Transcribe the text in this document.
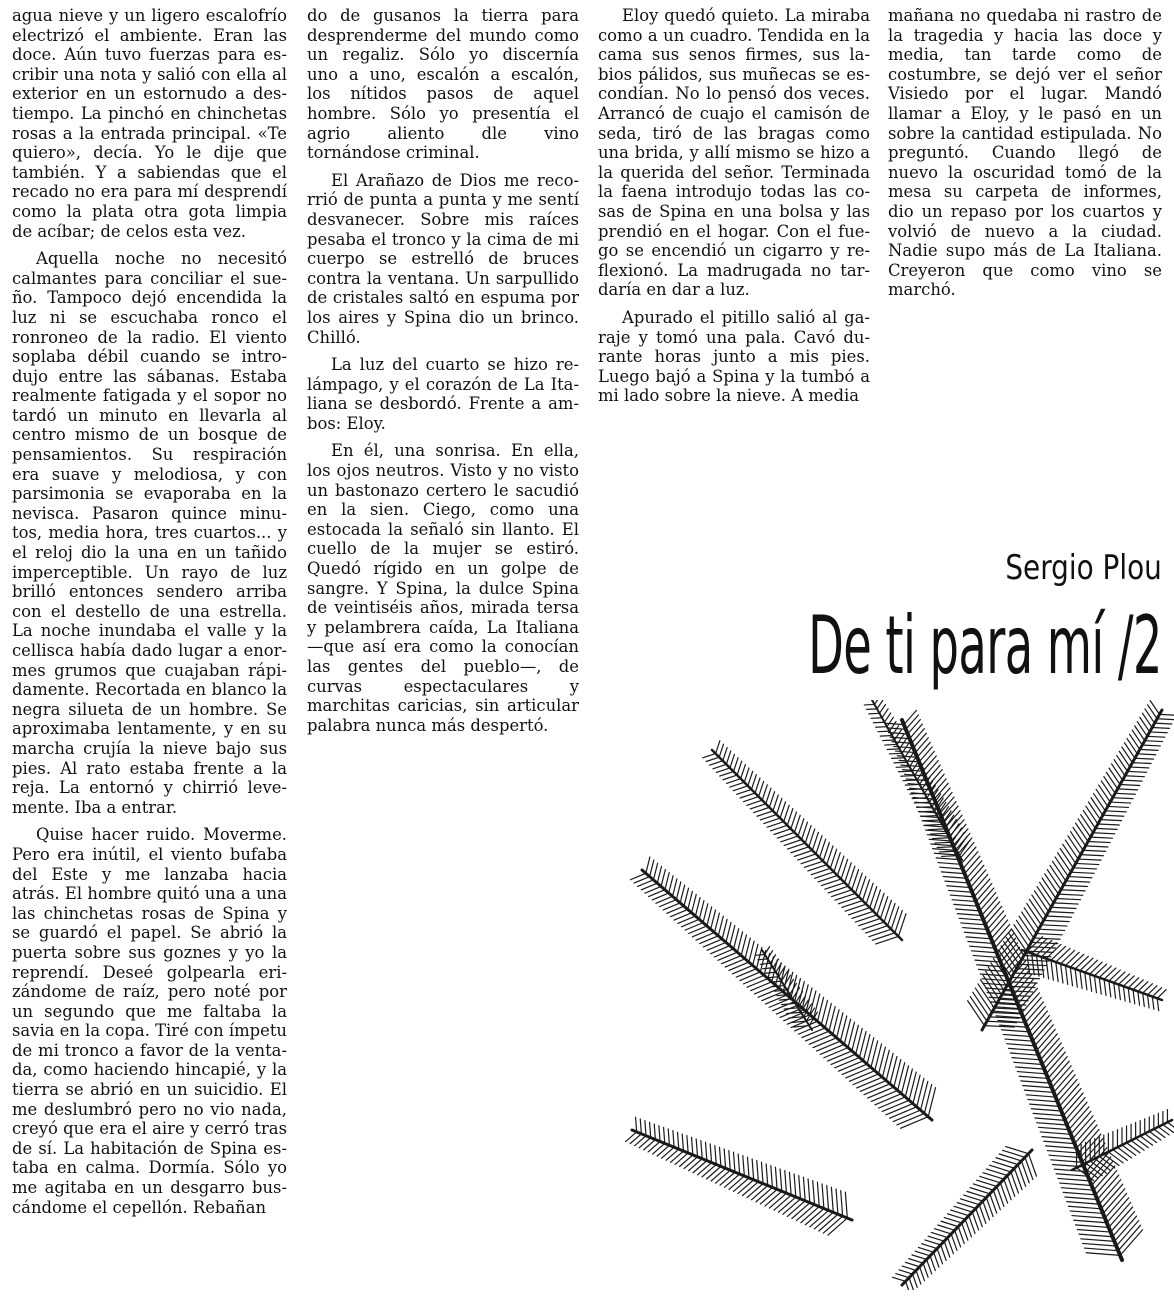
agua nieve y un ligero escalofrío electrizó el ambiente. Eran las doce. Aún tuvo fuerzas para escribir una nota y salió con ella al exterior en un estornudo a destiempo. La pinchó en chinchetas rosas a la entrada principal. «Te quiero», decía. Yo le dije que también. Y a sabiendas que el recado no era para mí desprendí como la plata otra gota limpia de acíbar; de celos esta vez.

Aquella noche no necesitó calmantes para conciliar el sueño. Tampoco dejó encendida la luz ni se escuchaba ronco el ronroneo de la radio. El viento soplaba débil cuando se introdujo entre las sábanas. Estaba realmente fatigada y el sopor no tardó un minuto en llevarla al centro mismo de un bosque de pensamientos. Su respiración era suave y melodiosa, y con parsimonia se evaporaba en la nevisca. Pasaron quince minutos, media hora, tres cuartos... y el reloj dio la una en un tañido imperceptible. Un rayo de luz brilló entonces sendero arriba con el destello de una estrella. La noche inundaba el valle y la cellisca había dado lugar a enormes grumos que cuajaban rápidamente. Recortada en blanco la negra silueta de un hombre. Se aproximaba lentamente, y en su marcha crujía la nieve bajo sus pies. Al rato estaba frente a la reja. La entornó y chirrió levemente. Iba a entrar.

Quise hacer ruido. Moverme. Pero era inútil, el viento bufaba del Este y me lanzaba hacia atrás. El hombre quitó una a una las chinchetas rosas de Spina y se guardó el papel. Se abrió la puerta sobre sus goznes y yo la reprendí. Deseé golpearla erizándome de raíz, pero noté por un segundo que me faltaba la savia en la copa. Tiré con ímpetu de mi tronco a favor de la ventada, como haciendo hincapié, y la tierra se abrió en un suicidio. El me deslumbró pero no vio nada, creyó que era el aire y cerró tras de sí. La habitación de Spina estaba en calma. Dormía. Sólo yo me agitaba en un desgarro buscándome el cepellón. Rebañan

do de gusanos la tierra para desprenderme del mundo como un regaliz. Sólo yo discernía uno a uno, escalón a escalón, los nítidos pasos de aquel hombre. Sólo yo presentía el agrio aliento dle vino tornándose criminal.

El Arañazo de Dios me recorrió de punta a punta y me sentí desvanecer. Sobre mis raíces pesaba el tronco y la cima de mi cuerpo se estrelló de bruces contra la ventana. Un sarpullido de cristales saltó en espuma por los aires y Spina dio un brinco. Chilló.

La luz del cuarto se hizo relámpago, y el corazón de La Italiana se desbordó. Frente a ambos: Eloy.

En él, una sonrisa. En ella, los ojos neutros. Visto y no visto un bastonazo certero le sacudió en la sien. Ciego, como una estocada la señaló sin llanto. El cuello de la mujer se estiró. Quedó rígido en un golpe de sangre. Y Spina, la dulce Spina de veintiséis años, mirada tersa y pelambrera caída, La Italiana —que así era como la conocían las gentes del pueblo—, de curvas espectaculares y marchitas caricias, sin articular palabra nunca más despertó.

Eloy quedó quieto. La miraba como a un cuadro. Tendida en la cama sus senos firmes, sus labios pálidos, sus muñecas se escondían. No lo pensó dos veces. Arrancó de cuajo el camisón de seda, tiró de las bragas como una brida, y allí mismo se hizo a la querida del señor. Terminada la faena introdujo todas las cosas de Spina en una bolsa y las prendió en el hogar. Con el fuego se encendió un cigarro y reflexionó. La madrugada no tardaría en dar a luz.

Apurado el pitillo salió al garaje y tomó una pala. Cavó durante horas junto a mis pies. Luego bajó a Spina y la tumbó a mi lado sobre la nieve. A media

mañana no quedaba ni rastro de la tragedia y hacia las doce y media, tan tarde como de costumbre, se dejó ver el señor Visiedo por el lugar. Mandó llamar a Eloy, y le pasó en un sobre la cantidad estipulada. No preguntó. Cuando llegó de nuevo la oscuridad tomó de la mesa su carpeta de informes, dio un repaso por los cuartos y volvió de nuevo a la ciudad. Nadie supo más de La Italiana. Creyeron que como vino se marchó.

Sergio Plou
De ti para mí /2
